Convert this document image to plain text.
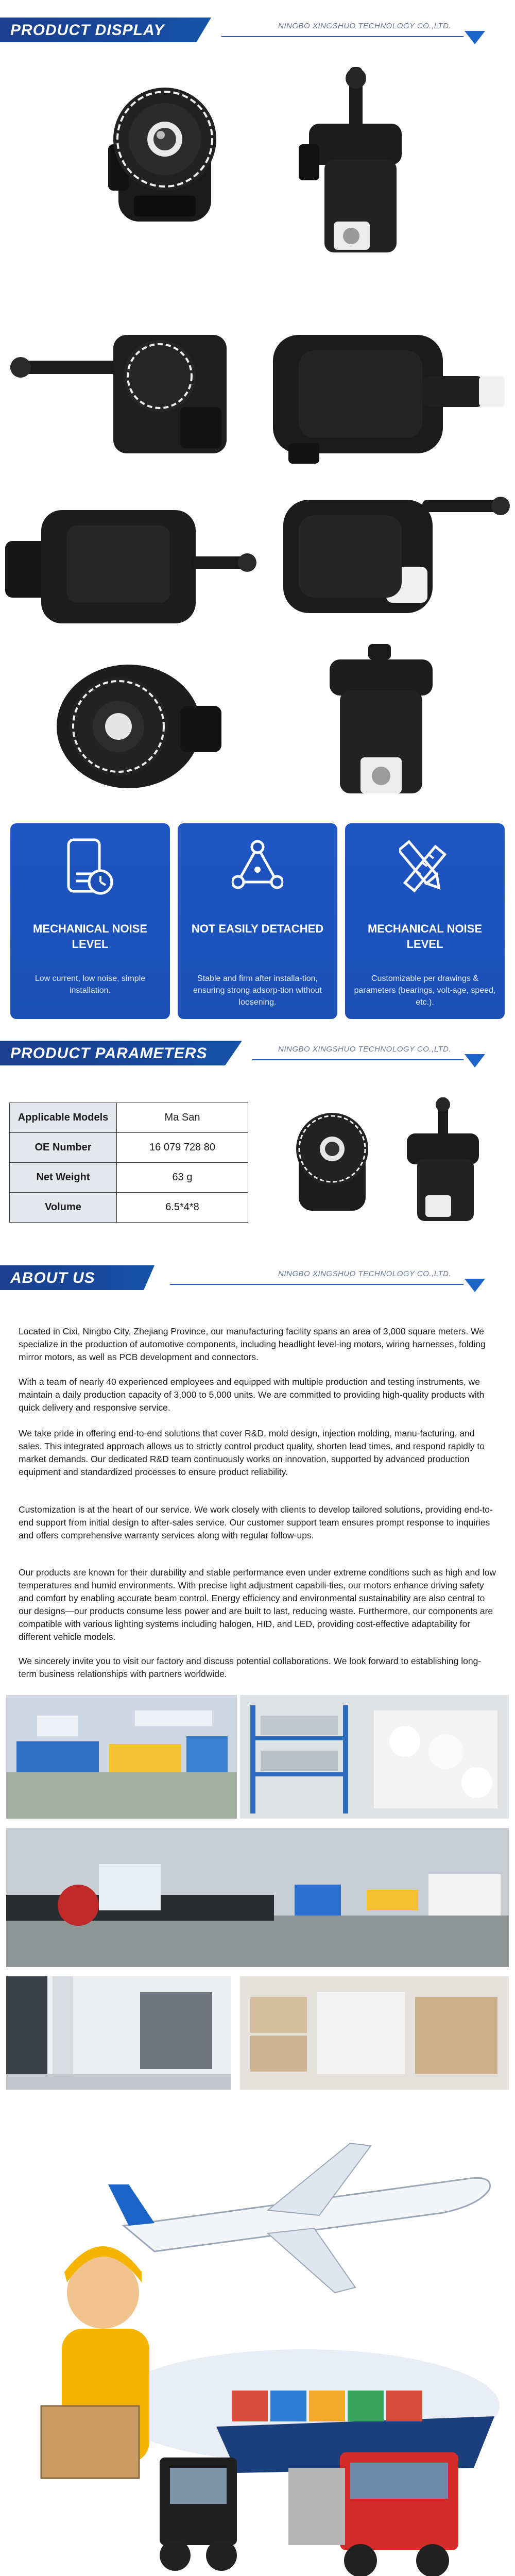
PRODUCT DISPLAY	NINGBO XINGSHUO TECHNOLOGY CO.,LTD.
MECHANICAL NOISE LEVEL
Low current, low noise, simple installation.
NOT EASILY DETACHED
Stable and firm after installa-tion, ensuring strong adsorp-tion without loosening.
MECHANICAL NOISE LEVEL
Customizable per drawings & parameters (bearings, volt-age, speed, etc.).
PRODUCT PARAMETERS	NINGBO XINGSHUO TECHNOLOGY CO.,LTD.
Applicable Models	Ma San
OE Number	16 079 728 80
Net Weight	63 g
Volume	6.5*4*8
ABOUT US	NINGBO XINGSHUO TECHNOLOGY CO.,LTD.
Located in Cixi, Ningbo City, Zhejiang Province, our manufacturing facility spans an area of 3,000 square meters. We specialize in the production of automotive components, including headlight level-ing motors, wiring harnesses, folding mirror motors, as well as PCB development and connectors.
With a team of nearly 40 experienced employees and equipped with multiple production and testing instruments, we maintain a daily production capacity of 3,000 to 5,000 units. We are committed to providing high-quality products with quick delivery and responsive service.
We take pride in offering end-to-end solutions that cover R&D, mold design, injection molding, manu-facturing, and sales. This integrated approach allows us to strictly control product quality, shorten lead times, and respond rapidly to market demands. Our dedicated R&D team continuously works on innovation, supported by advanced production equipment and standardized processes to ensure product reliability.
Customization is at the heart of our service. We work closely with clients to develop tailored solutions, providing end-to-end support from initial design to after-sales service. Our customer support team ensures prompt response to inquiries and offers comprehensive warranty services along with regular follow-ups.
Our products are known for their durability and stable performance even under extreme conditions such as high and low temperatures and humid environments. With precise light adjustment capabili-ties, our motors enhance driving safety and comfort by enabling accurate beam control. Energy efficiency and environmental sustainability are also central to our designs—our products consume less power and are built to last, reducing waste. Furthermore, our components are compatible with various lighting systems including halogen, HID, and LED, providing cost-effective adaptability for different vehicle models.
We sincerely invite you to visit our factory and discuss potential collaborations. We look forward to establishing long-term business relationships with partners worldwide.
